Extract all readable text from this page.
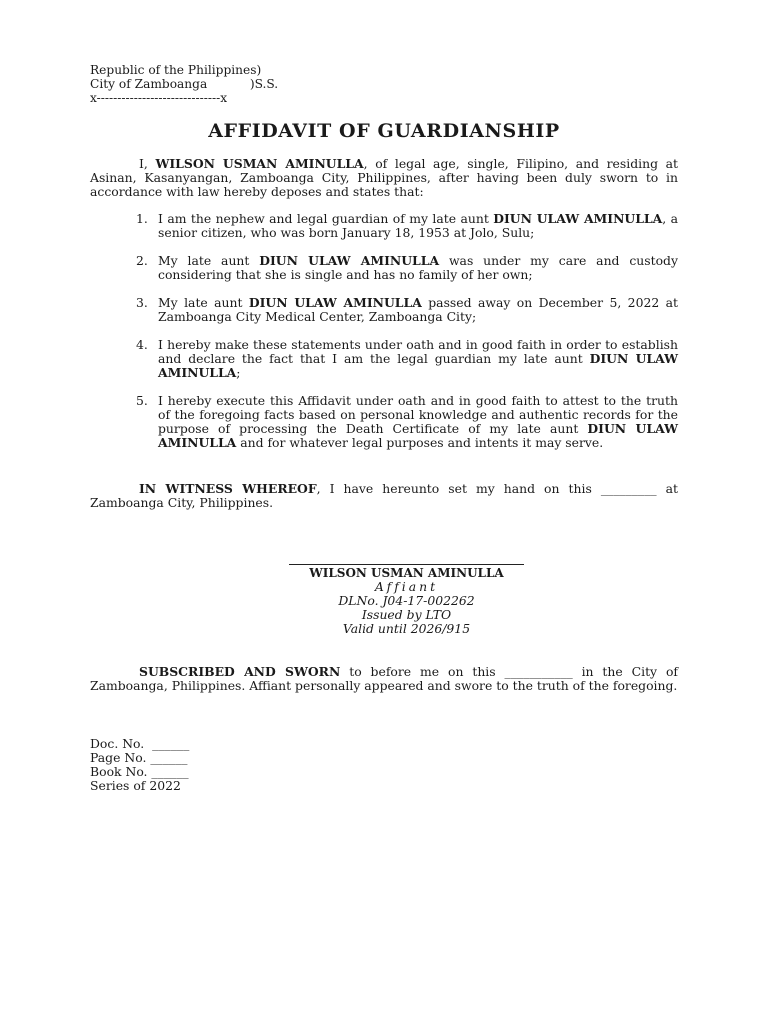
Republic of the Philippines)
City of Zamboanga           )S.S.
x------------------------------x
AFFIDAVIT OF GUARDIANSHIP
I, WILSON USMAN AMINULLA, of legal age, single, Filipino, and residing at Asinan, Kasanyangan, Zamboanga City, Philippines, after having been duly sworn to in accordance with law hereby deposes and states that:
1. I am the nephew and legal guardian of my late aunt DIUN ULAW AMINULLA, a senior citizen, who was born January 18, 1953 at Jolo, Sulu;
2. My late aunt DIUN ULAW AMINULLA was under my care and custody considering that she is single and has no family of her own;
3. My late aunt DIUN ULAW AMINULLA passed away on December 5, 2022 at Zamboanga City Medical Center, Zamboanga City;
4. I hereby make these statements under oath and in good faith in order to establish and declare the fact that I am the legal guardian my late aunt DIUN ULAW AMINULLA;
5. I hereby execute this Affidavit under oath and in good faith to attest to the truth of the foregoing facts based on personal knowledge and authentic records for the purpose of processing the Death Certificate of my late aunt DIUN ULAW AMINULLA and for whatever legal purposes and intents it may serve.
IN WITNESS WHEREOF, I have hereunto set my hand on this _________ at Zamboanga City, Philippines.
WILSON USMAN AMINULLA
Affiant
DLNo. J04-17-002262
Issued by LTO
Valid until 2026/915
SUBSCRIBED AND SWORN to before me on this ___________ in the City of Zamboanga, Philippines. Affiant personally appeared and swore to the truth of the foregoing.
Doc. No.  ______
Page No. ______
Book No. ______
Series of 2022
